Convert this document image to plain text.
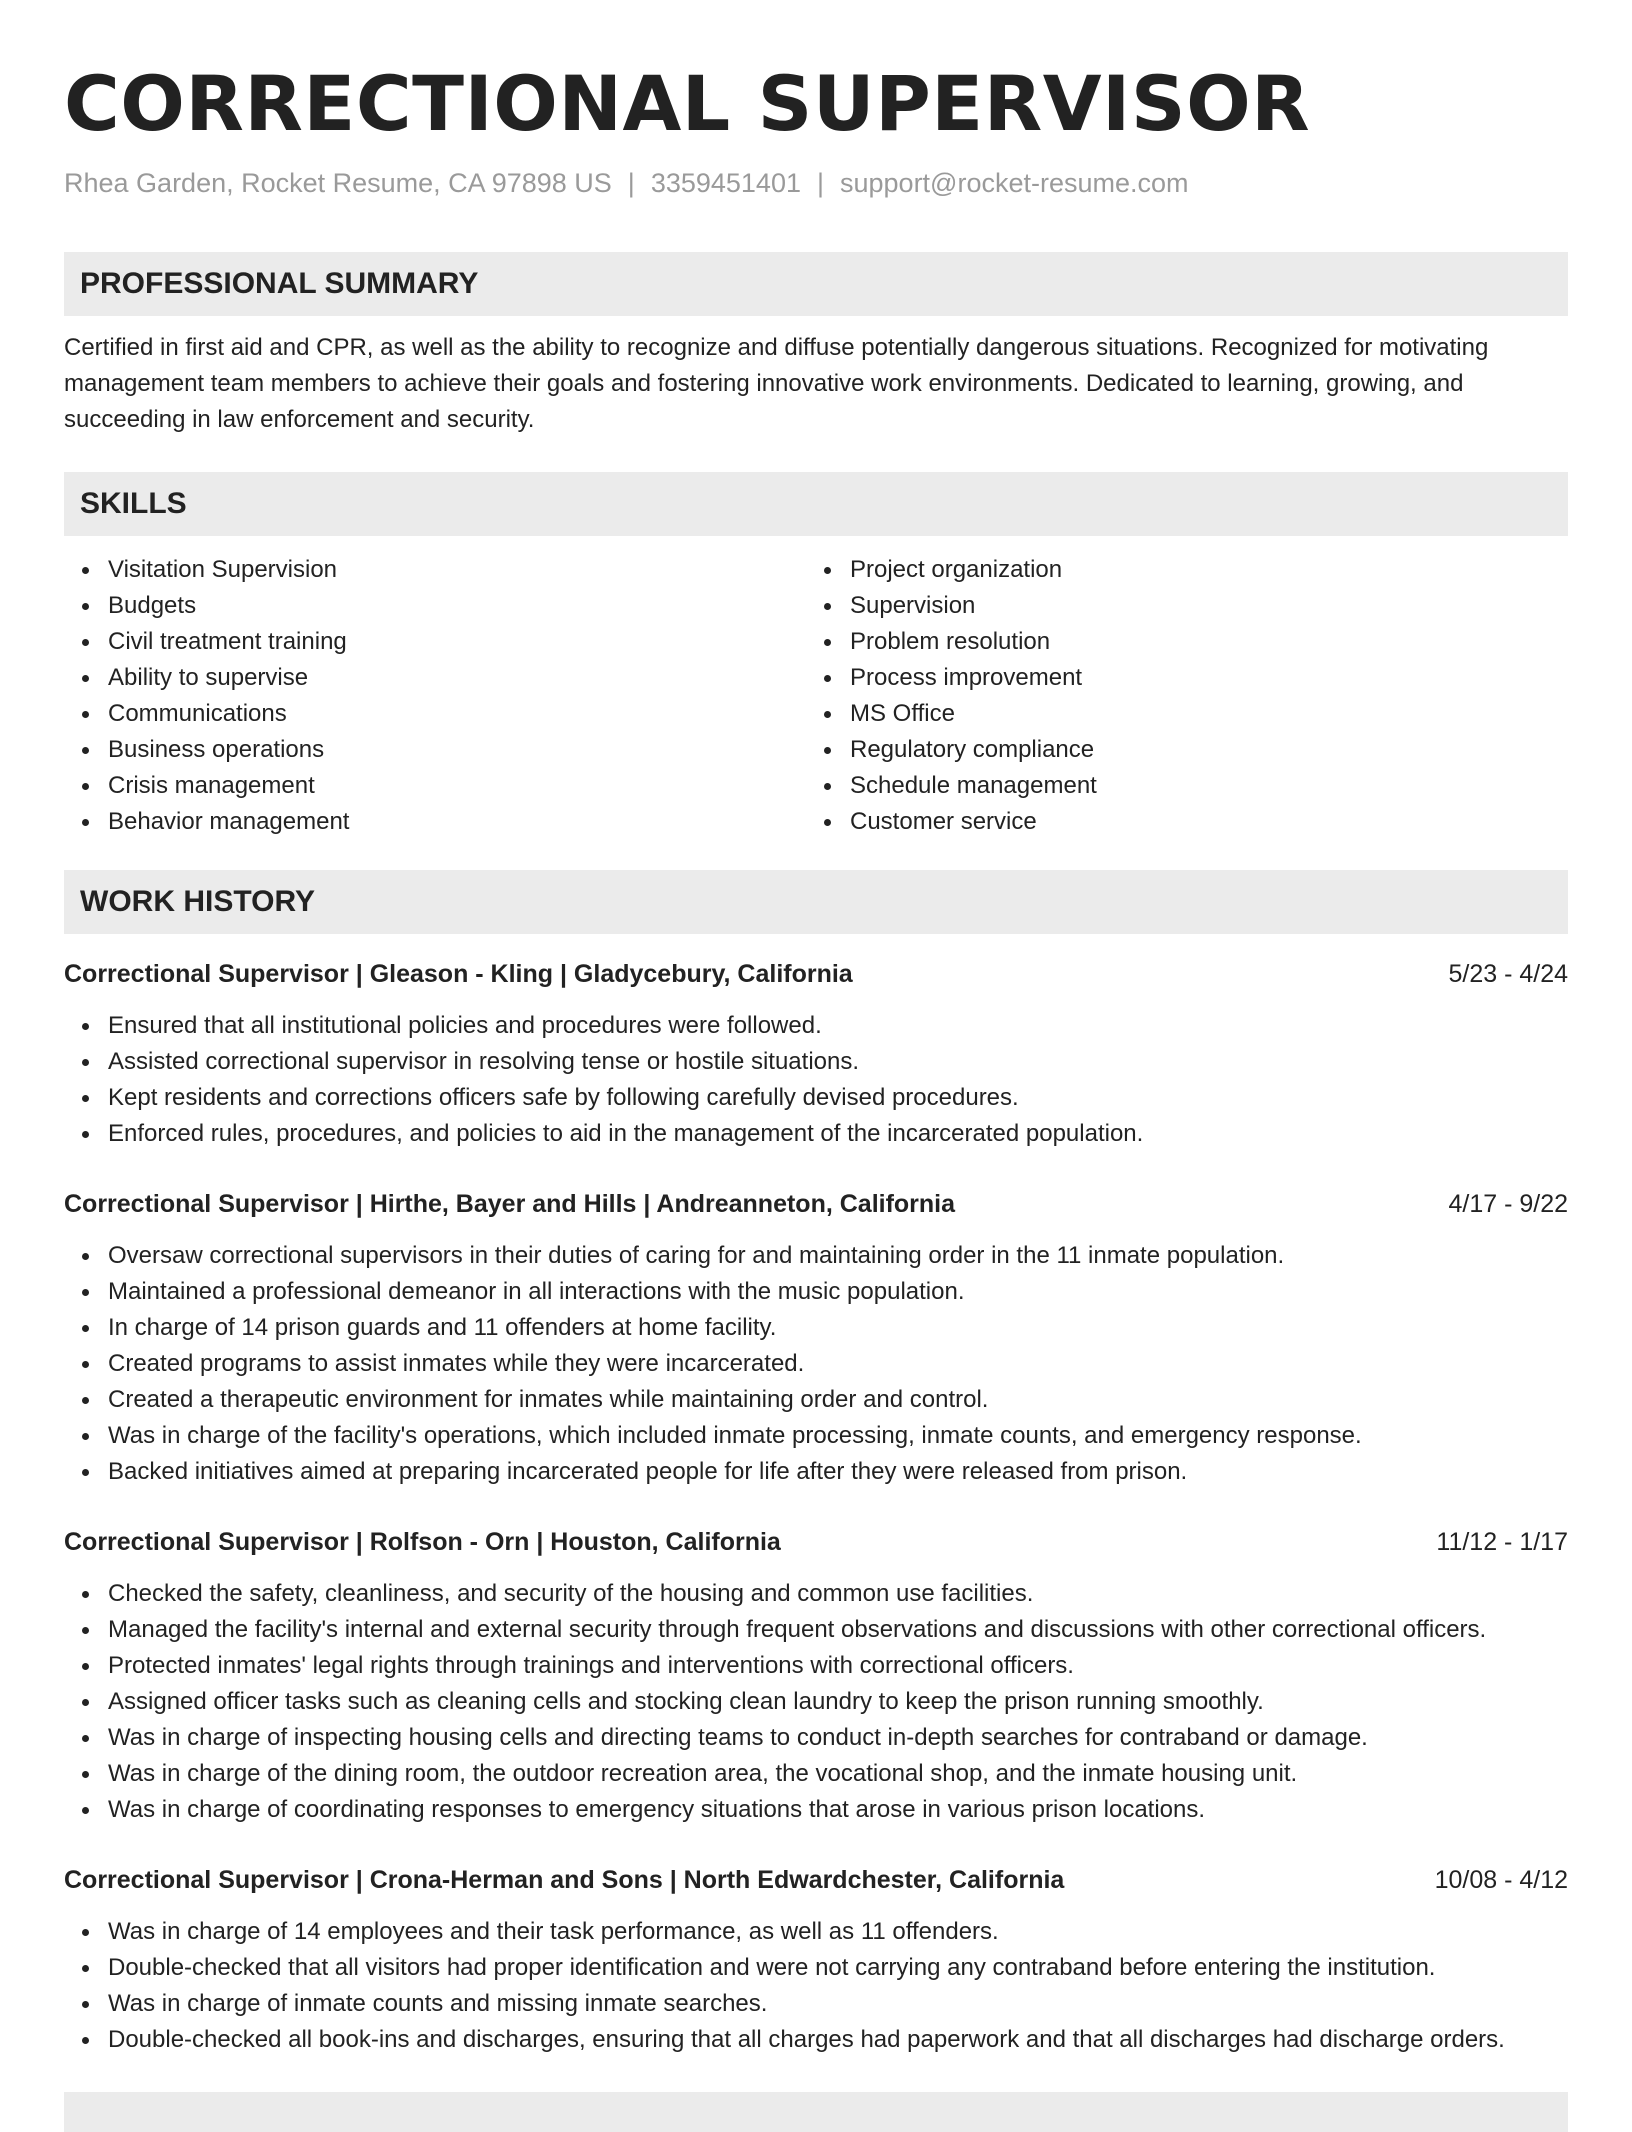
CORRECTIONAL SUPERVISOR
Rhea Garden, Rocket Resume, CA 97898 US | 3359451401 | support@rocket-resume.com
PROFESSIONAL SUMMARY
Certified in first aid and CPR, as well as the ability to recognize and diffuse potentially dangerous situations. Recognized for motivating management team members to achieve their goals and fostering innovative work environments. Dedicated to learning, growing, and succeeding in law enforcement and security.
SKILLS
Visitation Supervision
Budgets
Civil treatment training
Ability to supervise
Communications
Business operations
Crisis management
Behavior management
Project organization
Supervision
Problem resolution
Process improvement
MS Office
Regulatory compliance
Schedule management
Customer service
WORK HISTORY
Correctional Supervisor | Gleason - Kling | Gladycebury, California	5/23 - 4/24
Ensured that all institutional policies and procedures were followed.
Assisted correctional supervisor in resolving tense or hostile situations.
Kept residents and corrections officers safe by following carefully devised procedures.
Enforced rules, procedures, and policies to aid in the management of the incarcerated population.
Correctional Supervisor | Hirthe, Bayer and Hills | Andreanneton, California	4/17 - 9/22
Oversaw correctional supervisors in their duties of caring for and maintaining order in the 11 inmate population.
Maintained a professional demeanor in all interactions with the music population.
In charge of 14 prison guards and 11 offenders at home facility.
Created programs to assist inmates while they were incarcerated.
Created a therapeutic environment for inmates while maintaining order and control.
Was in charge of the facility's operations, which included inmate processing, inmate counts, and emergency response.
Backed initiatives aimed at preparing incarcerated people for life after they were released from prison.
Correctional Supervisor | Rolfson - Orn | Houston, California	11/12 - 1/17
Checked the safety, cleanliness, and security of the housing and common use facilities.
Managed the facility's internal and external security through frequent observations and discussions with other correctional officers.
Protected inmates' legal rights through trainings and interventions with correctional officers.
Assigned officer tasks such as cleaning cells and stocking clean laundry to keep the prison running smoothly.
Was in charge of inspecting housing cells and directing teams to conduct in-depth searches for contraband or damage.
Was in charge of the dining room, the outdoor recreation area, the vocational shop, and the inmate housing unit.
Was in charge of coordinating responses to emergency situations that arose in various prison locations.
Correctional Supervisor | Crona-Herman and Sons | North Edwardchester, California	10/08 - 4/12
Was in charge of 14 employees and their task performance, as well as 11 offenders.
Double-checked that all visitors had proper identification and were not carrying any contraband before entering the institution.
Was in charge of inmate counts and missing inmate searches.
Double-checked all book-ins and discharges, ensuring that all charges had paperwork and that all discharges had discharge orders.
